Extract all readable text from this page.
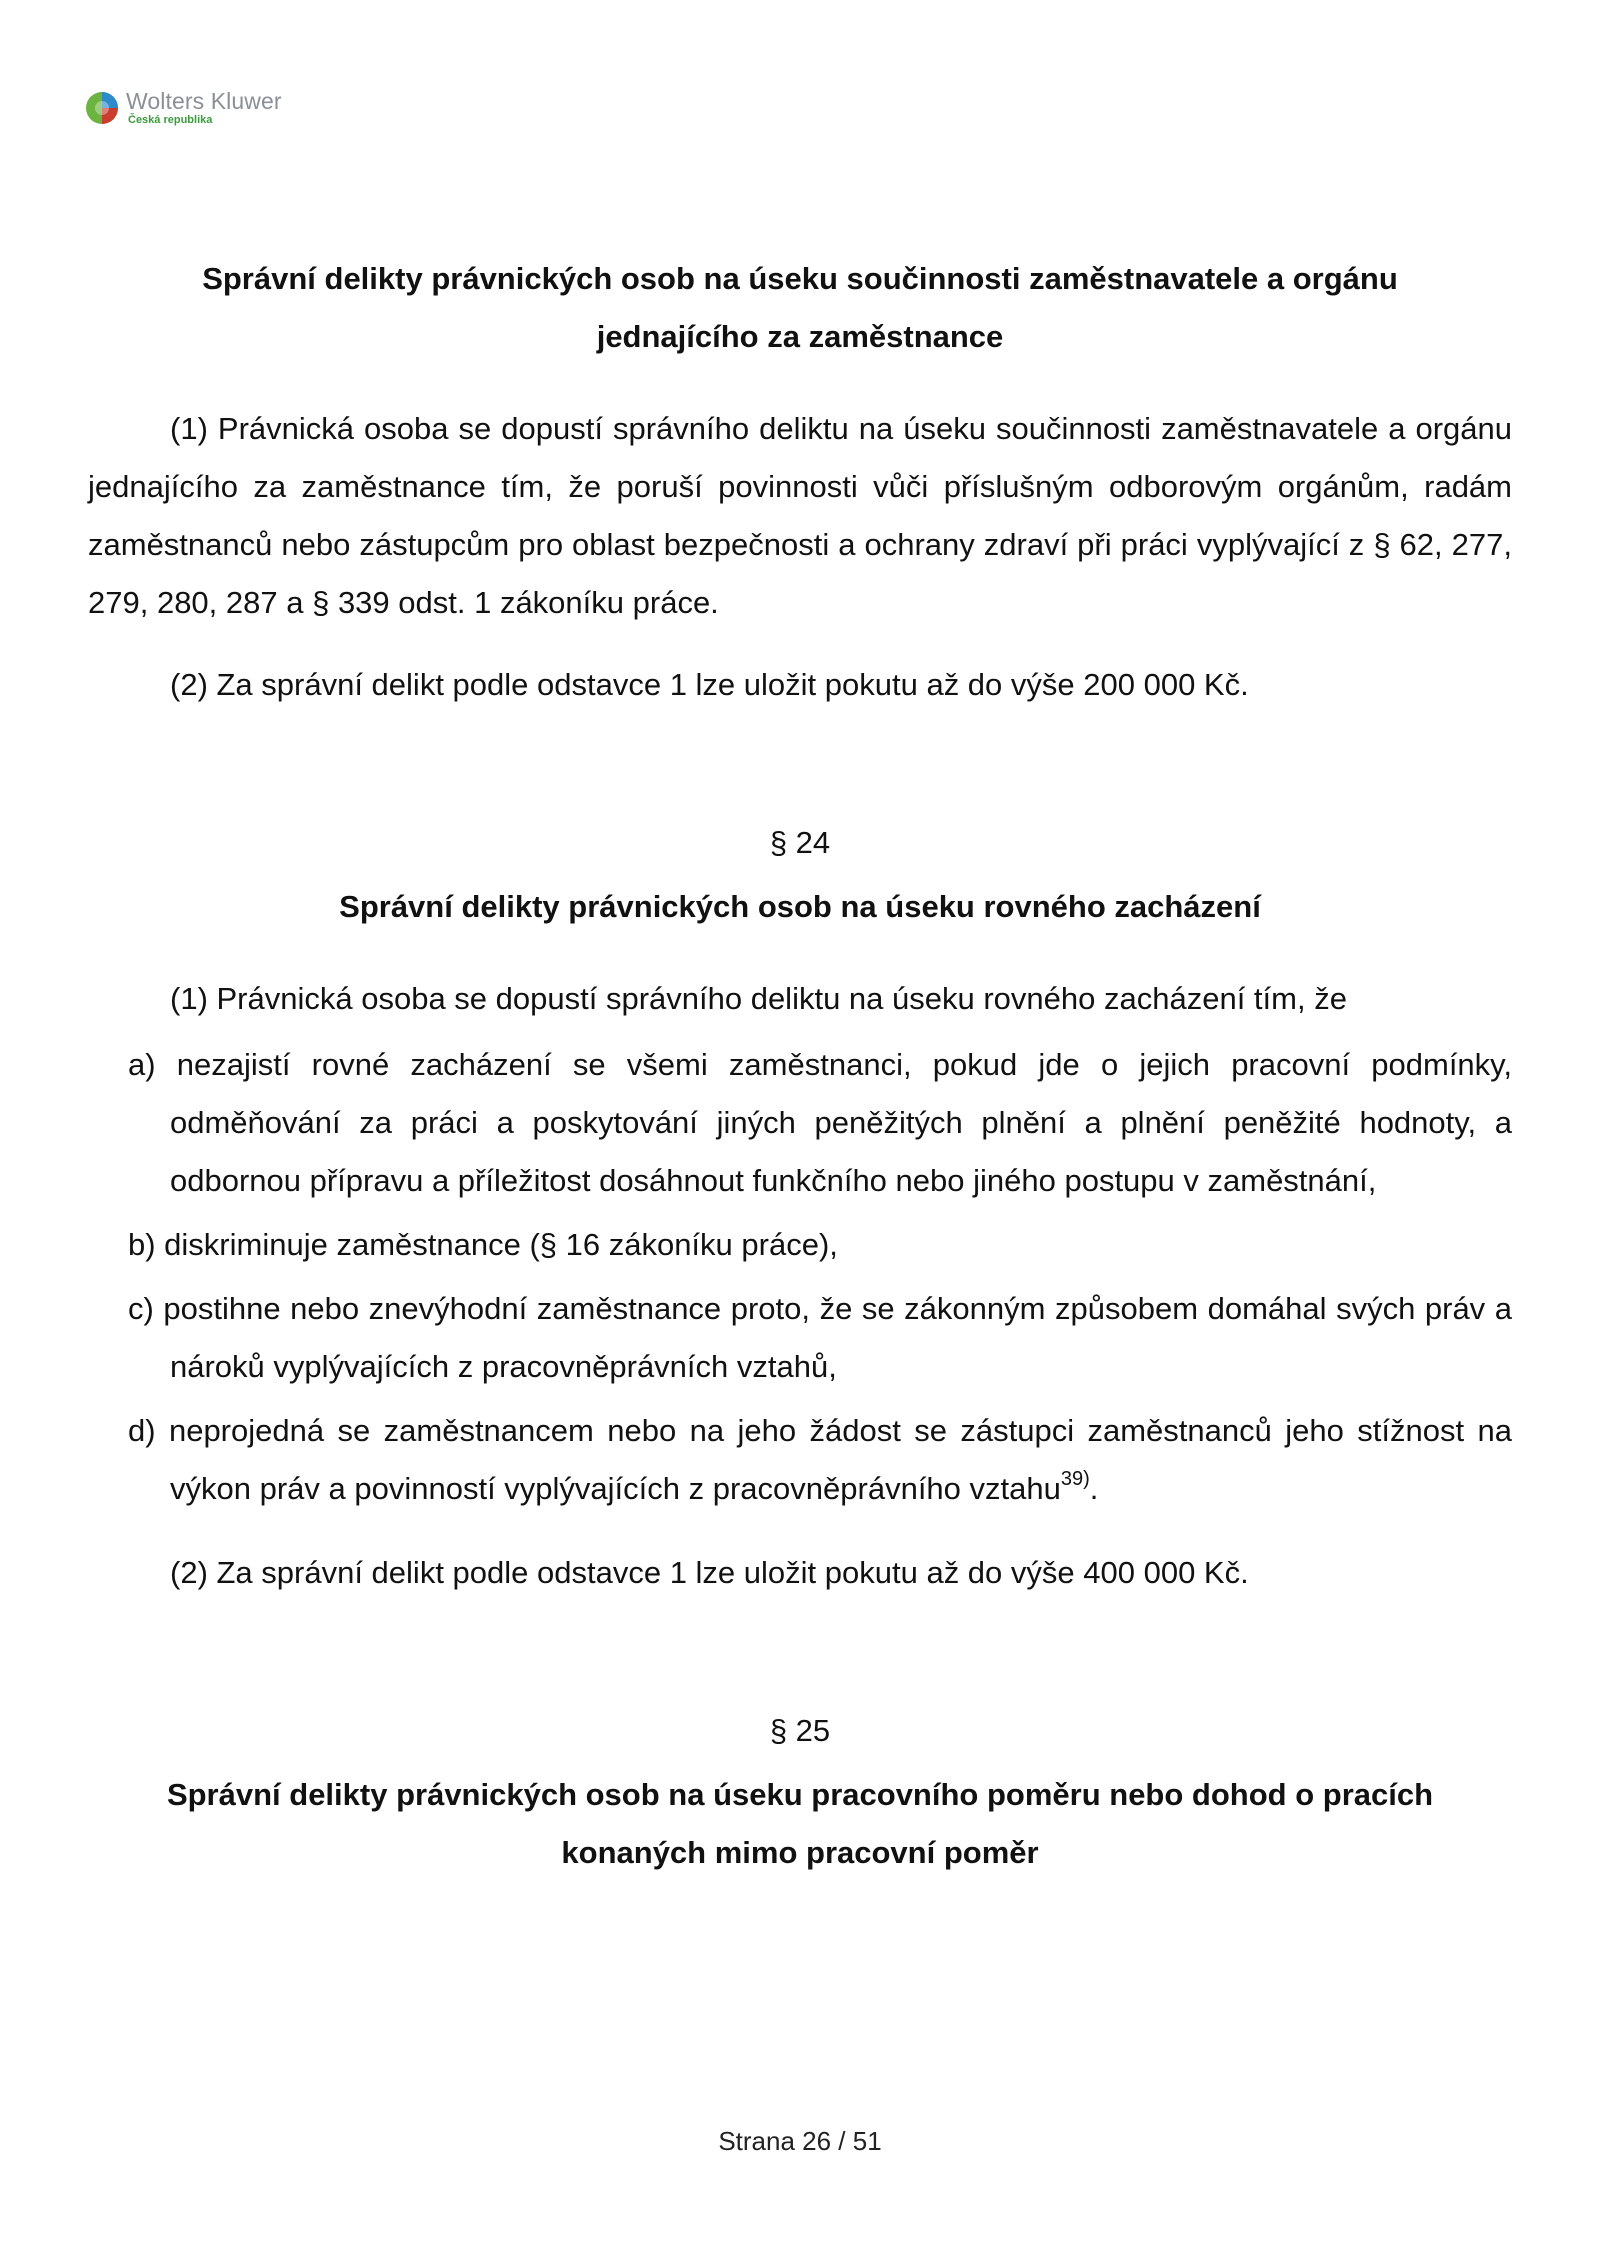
Wolters Kluwer
Česká republika

Správní delikty právnických osob na úseku součinnosti zaměstnavatele a orgánu

jednajícího za zaměstnance

(1) Právnická osoba se dopustí správního deliktu na úseku součinnosti zaměstnavatele a orgánu jednajícího za zaměstnance tím, že poruší povinnosti vůči příslušným odborovým orgánům, radám zaměstnanců nebo zástupcům pro oblast bezpečnosti a ochrany zdraví při práci vyplývající z § 62, 277, 279, 280, 287 a § 339 odst. 1 zákoníku práce.

(2) Za správní delikt podle odstavce 1 lze uložit pokutu až do výše 200 000 Kč.

§ 24

Správní delikty právnických osob na úseku rovného zacházení

(1) Právnická osoba se dopustí správního deliktu na úseku rovného zacházení tím, že

a) nezajistí rovné zacházení se všemi zaměstnanci, pokud jde o jejich pracovní podmínky, odměňování za práci a poskytování jiných peněžitých plnění a plnění peněžité hodnoty, a odbornou přípravu a příležitost dosáhnout funkčního nebo jiného postupu v zaměstnání,
b) diskriminuje zaměstnance (§ 16 zákoníku práce),
c) postihne nebo znevýhodní zaměstnance proto, že se zákonným způsobem domáhal svých práv a nároků vyplývajících z pracovněprávních vztahů,
d) neprojedná se zaměstnancem nebo na jeho žádost se zástupci zaměstnanců jeho stížnost na výkon práv a povinností vyplývajících z pracovněprávního vztahu$^{39)}$.

(2) Za správní delikt podle odstavce 1 lze uložit pokutu až do výše 400 000 Kč.

§ 25

Správní delikty právnických osob na úseku pracovního poměru nebo dohod o pracích

konaných mimo pracovní poměr

Strana 26 / 51
